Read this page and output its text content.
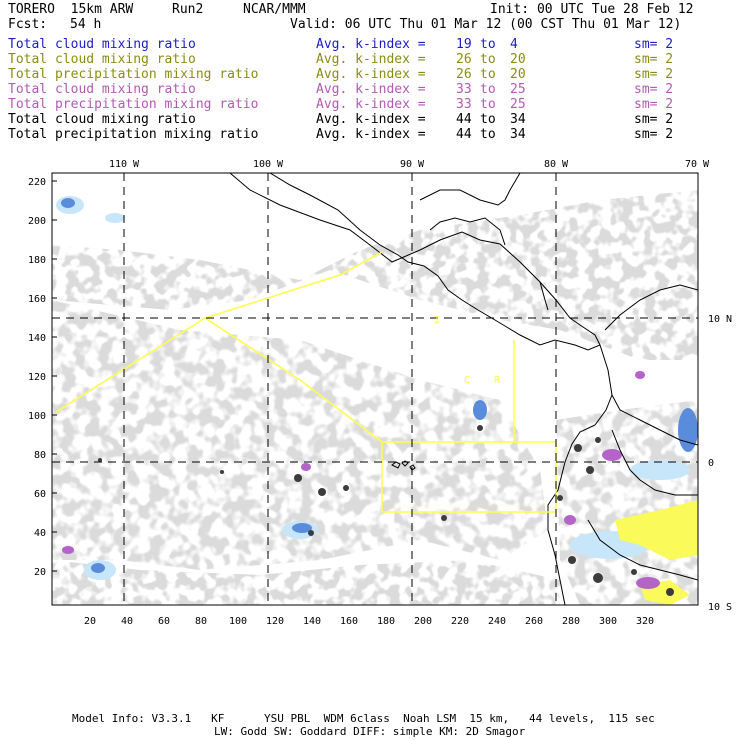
TORERO  15km ARW	Run2	NCAR/MMM	Init: 00 UTC Tue 28 Feb 12
Fcst: 54 h	Valid: 06 UTC Thu 01 Mar 12 (00 CST Thu 01 Mar 12)
Total cloud mixing ratio	Avg. k-index = 19 to 4	sm= 2
Total cloud mixing ratio	Avg. k-index = 26 to 20	sm= 2
Total precipitation mixing ratio	Avg. k-index = 26 to 20	sm= 2
Total cloud mixing ratio	Avg. k-index = 33 to 25	sm= 2
Total precipitation mixing ratio	Avg. k-index = 33 to 25	sm= 2
Total cloud mixing ratio	Avg. k-index = 44 to 34	sm= 2
Total precipitation mixing ratio	Avg. k-index = 44 to 34	sm= 2
I
C R
110 W	100 W	90 W	80 W	70 W
10 N
0
10 S
220
200
180
160
140
120
100
80
60
40
20
20 40 60 80 100 120 140 160 180 200 220 240 260 280 300 320
Model Info: V3.3.1   KF      YSU PBL  WDM 6class  Noah LSM  15 km,   44 levels,  115 sec
LW: Godd SW: Goddard DIFF: simple KM: 2D Smagor
